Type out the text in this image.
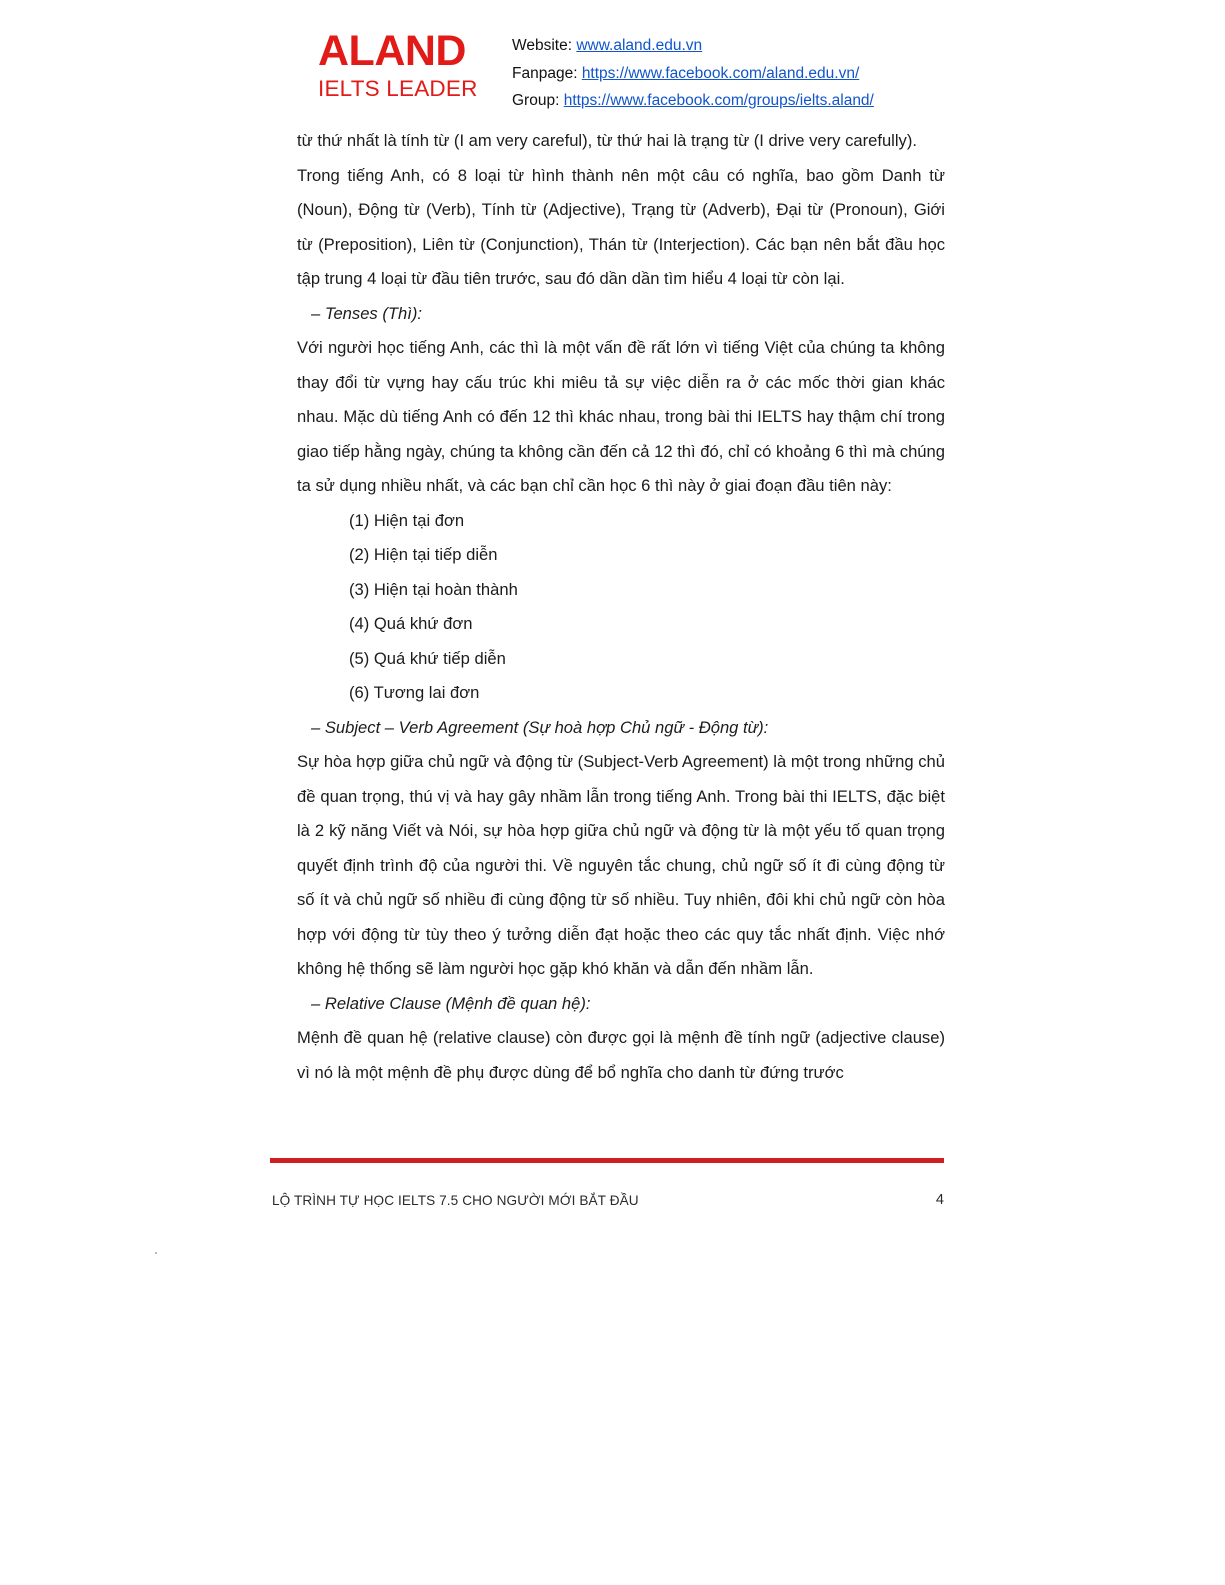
ALAND
IELTS LEADER
Website: www.aland.edu.vn
Fanpage: https://www.facebook.com/aland.edu.vn/
Group: https://www.facebook.com/groups/ielts.aland/

từ thứ nhất là tính từ (I am very careful), từ thứ hai là trạng từ (I drive very carefully).

Trong tiếng Anh, có 8 loại từ hình thành nên một câu có nghĩa, bao gồm Danh từ (Noun), Động từ (Verb), Tính từ (Adjective), Trạng từ (Adverb), Đại từ (Pronoun), Giới từ (Preposition), Liên từ (Conjunction), Thán từ (Interjection). Các bạn nên bắt đầu học tập trung 4 loại từ đầu tiên trước, sau đó dần dần tìm hiểu 4 loại từ còn lại.

– Tenses (Thì):

Với người học tiếng Anh, các thì là một vấn đề rất lớn vì tiếng Việt của chúng ta không thay đổi từ vựng hay cấu trúc khi miêu tả sự việc diễn ra ở các mốc thời gian khác nhau. Mặc dù tiếng Anh có đến 12 thì khác nhau, trong bài thi IELTS hay thậm chí trong giao tiếp hằng ngày, chúng ta không cần đến cả 12 thì đó, chỉ có khoảng 6 thì mà chúng ta sử dụng nhiều nhất, và các bạn chỉ cần học 6 thì này ở giai đoạn đầu tiên này:

(1) Hiện tại đơn
(2) Hiện tại tiếp diễn
(3) Hiện tại hoàn thành
(4) Quá khứ đơn
(5) Quá khứ tiếp diễn
(6) Tương lai đơn

– Subject – Verb Agreement (Sự hoà hợp Chủ ngữ - Động từ):

Sự hòa hợp giữa chủ ngữ và động từ (Subject-Verb Agreement) là một trong những chủ đề quan trọng, thú vị và hay gây nhầm lẫn trong tiếng Anh. Trong bài thi IELTS, đặc biệt là 2 kỹ năng Viết và Nói, sự hòa hợp giữa chủ ngữ và động từ là một yếu tố quan trọng quyết định trình độ của người thi. Về nguyên tắc chung, chủ ngữ số ít đi cùng động từ số ít và chủ ngữ số nhiều đi cùng động từ số nhiều. Tuy nhiên, đôi khi chủ ngữ còn hòa hợp với động từ tùy theo ý tưởng diễn đạt hoặc theo các quy tắc nhất định. Việc nhớ không hệ thống sẽ làm người học gặp khó khăn và dẫn đến nhầm lẫn.

– Relative Clause (Mệnh đề quan hệ):

Mệnh đề quan hệ (relative clause) còn được gọi là mệnh đề tính ngữ (adjective clause) vì nó là một mệnh đề phụ được dùng để bổ nghĩa cho danh từ đứng trước

LỘ TRÌNH TỰ HỌC IELTS 7.5 CHO NGƯỜI MỚI BẮT ĐẦU	4
